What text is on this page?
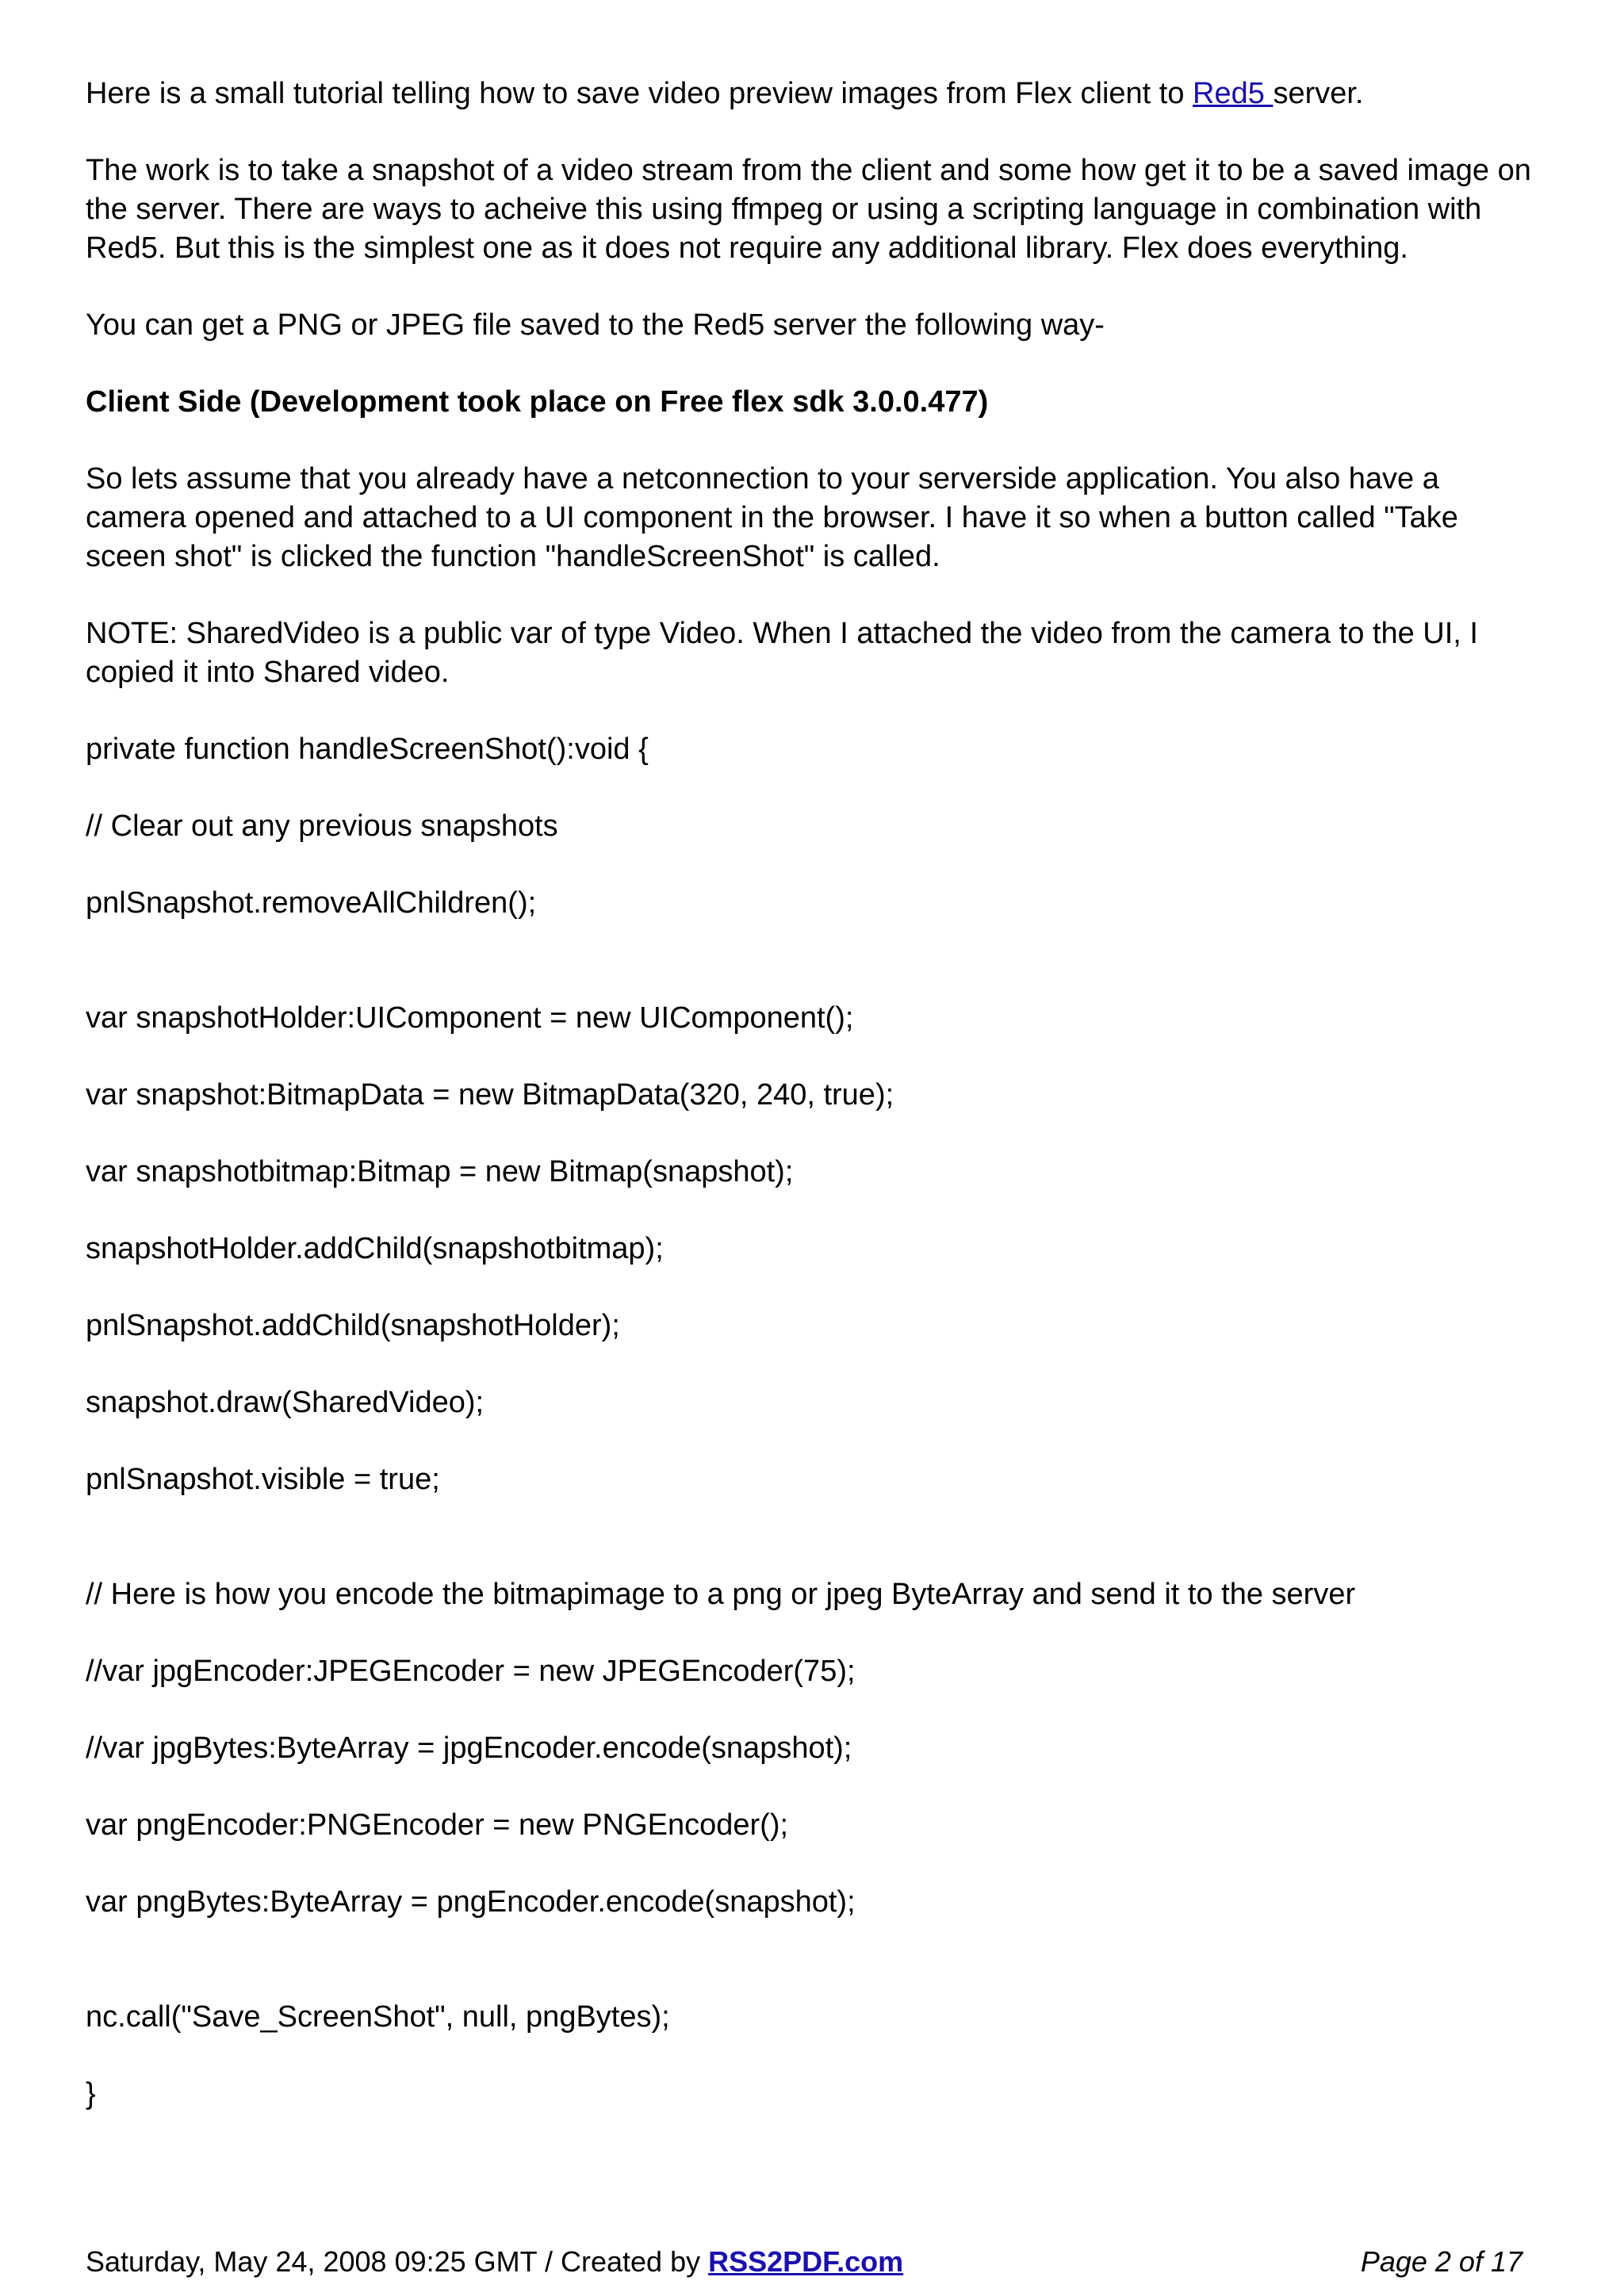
Here is a small tutorial telling how to save video preview images from Flex client to Red5 server.

The work is to take a snapshot of a video stream from the client and some how get it to be a saved image on the server. There are ways to acheive this using ffmpeg or using a scripting language in combination with Red5. But this is the simplest one as it does not require any additional library. Flex does everything.

You can get a PNG or JPEG file saved to the Red5 server the following way-

Client Side (Development took place on Free flex sdk 3.0.0.477)

So lets assume that you already have a netconnection to your serverside application. You also have a camera opened and attached to a UI component in the browser. I have it so when a button called "Take sceen shot" is clicked the function "handleScreenShot" is called.

NOTE: SharedVideo is a public var of type Video. When I attached the video from the camera to the UI, I copied it into Shared video.

private function handleScreenShot():void {

// Clear out any previous snapshots

pnlSnapshot.removeAllChildren();

var snapshotHolder:UIComponent = new UIComponent();

var snapshot:BitmapData = new BitmapData(320, 240, true);

var snapshotbitmap:Bitmap = new Bitmap(snapshot);

snapshotHolder.addChild(snapshotbitmap);

pnlSnapshot.addChild(snapshotHolder);

snapshot.draw(SharedVideo);

pnlSnapshot.visible = true;

// Here is how you encode the bitmapimage to a png or jpeg ByteArray and send it to the server

//var jpgEncoder:JPEGEncoder = new JPEGEncoder(75);

//var jpgBytes:ByteArray = jpgEncoder.encode(snapshot);

var pngEncoder:PNGEncoder = new PNGEncoder();

var pngBytes:ByteArray = pngEncoder.encode(snapshot);

nc.call("Save_ScreenShot", null, pngBytes);

}

Saturday, May 24, 2008 09:25 GMT / Created by RSS2PDF.com	Page 2 of 17
